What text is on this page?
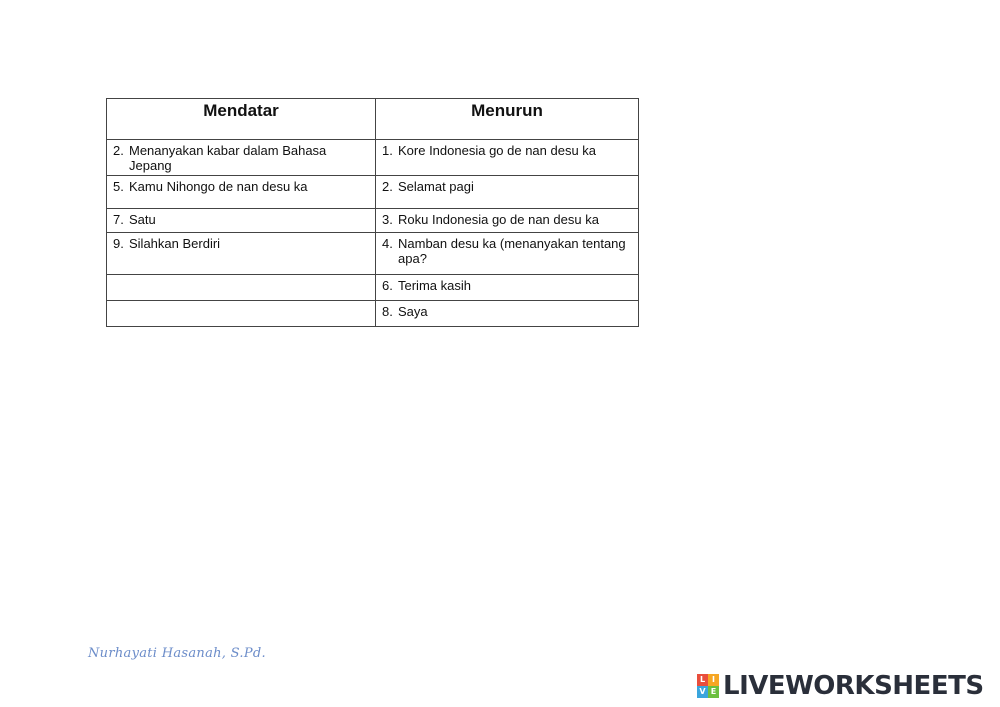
Mendatar	Menurun

2. Menanyakan kabar dalam Bahasa Jepang	1. Kore Indonesia go de nan desu ka

5. Kamu Nihongo de nan desu ka	2. Selamat pagi

7. Satu	3. Roku Indonesia go de nan desu ka

9. Silahkan Berdiri	4. Namban desu ka (menanyakan tentang apa?

	6. Terima kasih

	8. Saya
Nurhayati Hasanah, S.Pd.
L I
V E LIVEWORKSHEETS
